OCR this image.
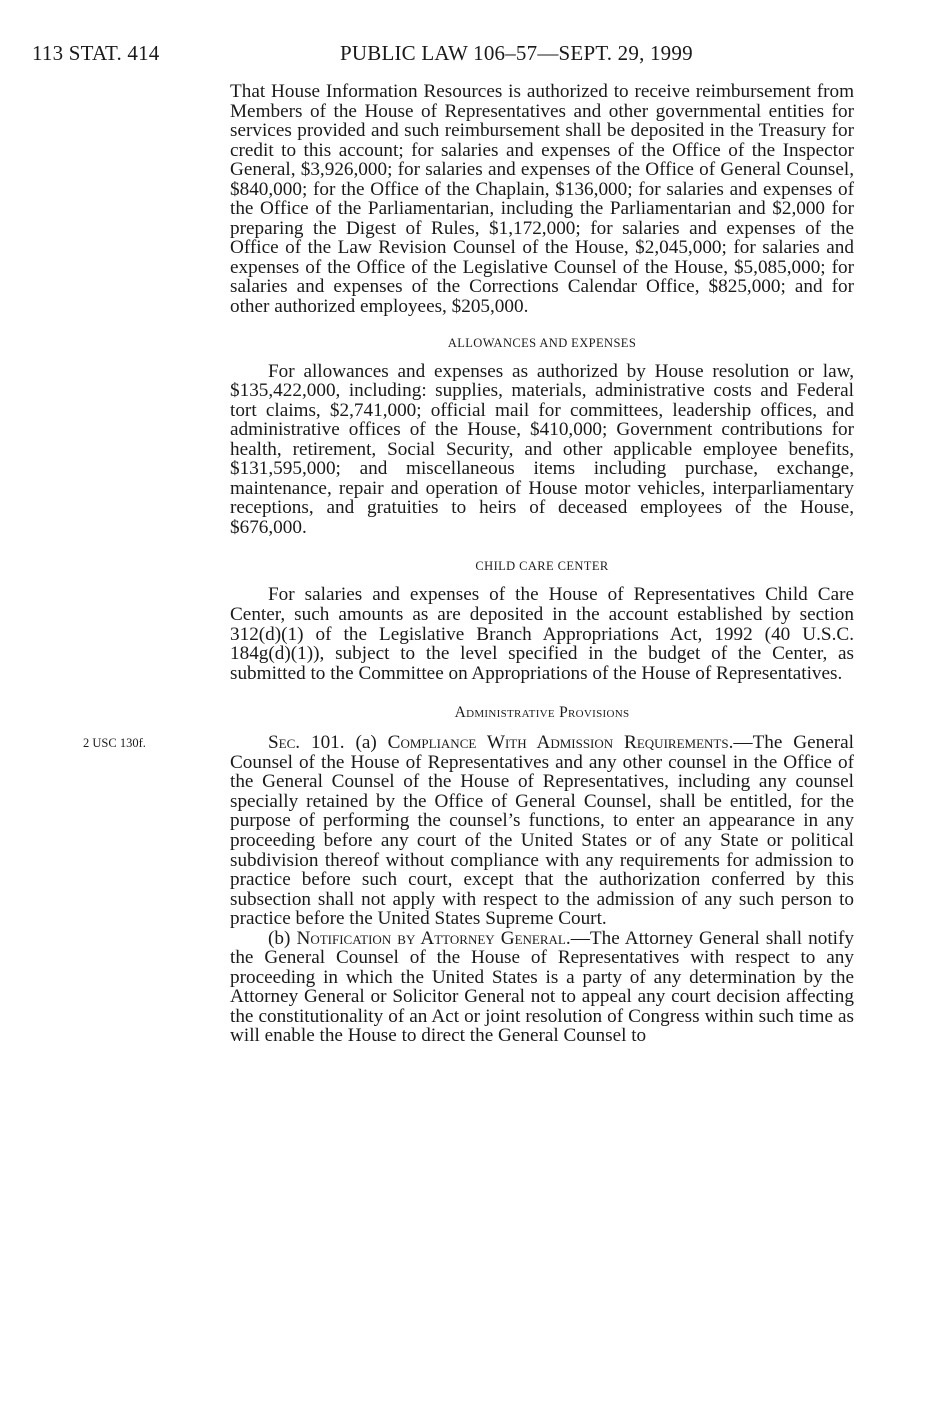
113 STAT. 414	PUBLIC LAW 106–57—SEPT. 29, 1999

That House Information Resources is authorized to receive reimbursement from Members of the House of Representatives and other governmental entities for services provided and such reimbursement shall be deposited in the Treasury for credit to this account; for salaries and expenses of the Office of the Inspector General, $3,926,000; for salaries and expenses of the Office of General Counsel, $840,000; for the Office of the Chaplain, $136,000; for salaries and expenses of the Office of the Parliamentarian, including the Parliamentarian and $2,000 for preparing the Digest of Rules, $1,172,000; for salaries and expenses of the Office of the Law Revision Counsel of the House, $2,045,000; for salaries and expenses of the Office of the Legislative Counsel of the House, $5,085,000; for salaries and expenses of the Corrections Calendar Office, $825,000; and for other authorized employees, $205,000.

ALLOWANCES AND EXPENSES

For allowances and expenses as authorized by House resolution or law, $135,422,000, including: supplies, materials, administrative costs and Federal tort claims, $2,741,000; official mail for committees, leadership offices, and administrative offices of the House, $410,000; Government contributions for health, retirement, Social Security, and other applicable employee benefits, $131,595,000; and miscellaneous items including purchase, exchange, maintenance, repair and operation of House motor vehicles, interparliamentary receptions, and gratuities to heirs of deceased employees of the House, $676,000.

CHILD CARE CENTER

For salaries and expenses of the House of Representatives Child Care Center, such amounts as are deposited in the account established by section 312(d)(1) of the Legislative Branch Appropriations Act, 1992 (40 U.S.C. 184g(d)(1)), subject to the level specified in the budget of the Center, as submitted to the Committee on Appropriations of the House of Representatives.

Administrative Provisions
2 USC 130f.	Sec. 101. (a) Compliance With Admission Requirements.—The General Counsel of the House of Representatives and any other counsel in the Office of the General Counsel of the House of Representatives, including any counsel specially retained by the Office of General Counsel, shall be entitled, for the purpose of performing the counsel’s functions, to enter an appearance in any proceeding before any court of the United States or of any State or political subdivision thereof without compliance with any requirements for admission to practice before such court, except that the authorization conferred by this subsection shall not apply with respect to the admission of any such person to practice before the United States Supreme Court.

(b) Notification by Attorney General.—The Attorney General shall notify the General Counsel of the House of Representatives with respect to any proceeding in which the United States is a party of any determination by the Attorney General or Solicitor General not to appeal any court decision affecting the constitutionality of an Act or joint resolution of Congress within such time as will enable the House to direct the General Counsel to
